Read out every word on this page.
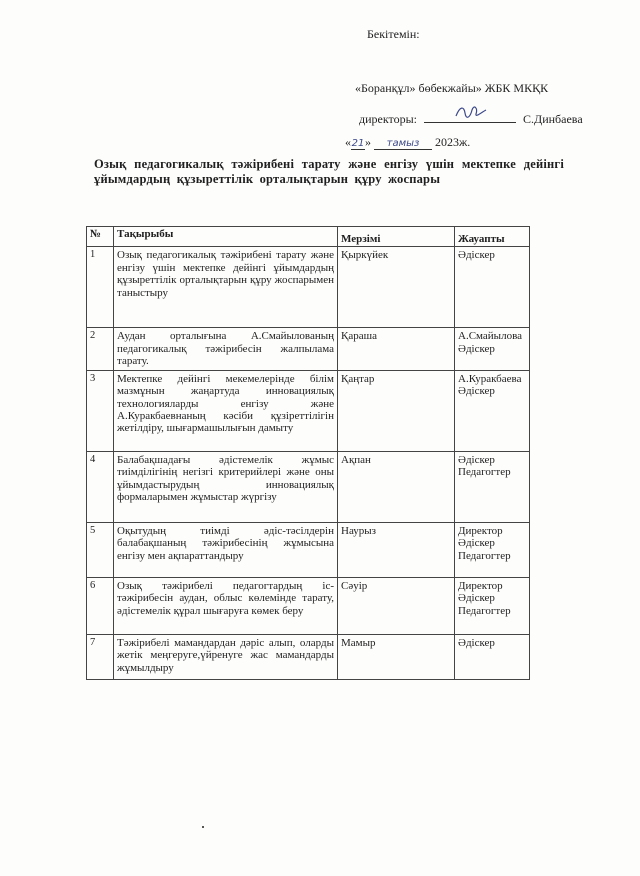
Бекітемін:
«Боранқұл» бөбекжайы» ЖБК МКҚК
директоры:	С.Динбаева
«21» тамыз 2023ж.
Озық педагогикалық тәжірибені тарату және енгізу үшін мектепке дейінгі ұйымдардың құзыреттілік орталықтарын құру жоспары
№	Тақырыбы	Мерзімі	Жауапты
1	Озық педагогикалық тәжірибені тарату және енгізу үшін мектепке дейінгі ұйымдардың құзыреттілік орталықтарын құру жоспарымен таныстыру	Қыркүйек	Әдіскер
2	Аудан орталығына А.Смайылованың педагогикалық тәжірибесін жалпылама тарату.	Қараша	А.Смайылова Әдіскер
3	Мектепке дейінгі мекемелерінде білім мазмұнын жаңартуда инновациялық технологияларды енгізу және А.Куракбаевнаның кәсіби құзіреттілігін жетілдіру, шығармашылығын дамыту	Қаңтар	А.Куракбаева Әдіскер
4	Балабақшадағы әдістемелік жұмыс тиімділігінің негізгі критерийлері және оны ұйымдастырудың инновациялық формаларымен жұмыстар жүргізу	Ақпан	Әдіскер Педагогтер
5	Оқытудың тиімді әдіс-тәсілдерін балабақшаның тәжірибесінің жұмысына енгізу мен ақпараттандыру	Наурыз	Директор Әдіскер Педагогтер
6	Озық тәжірибелі педагогтардың іс-тәжірибесін аудан, облыс көлемінде тарату, әдістемелік құрал шығаруға көмек беру	Сәуір	Директор Әдіскер Педагогтер
7	Тәжірибелі мамандардан дәріс алып, оларды жетік меңгеруге,үйренуге жас мамандарды жұмылдыру	Мамыр	Әдіскер
